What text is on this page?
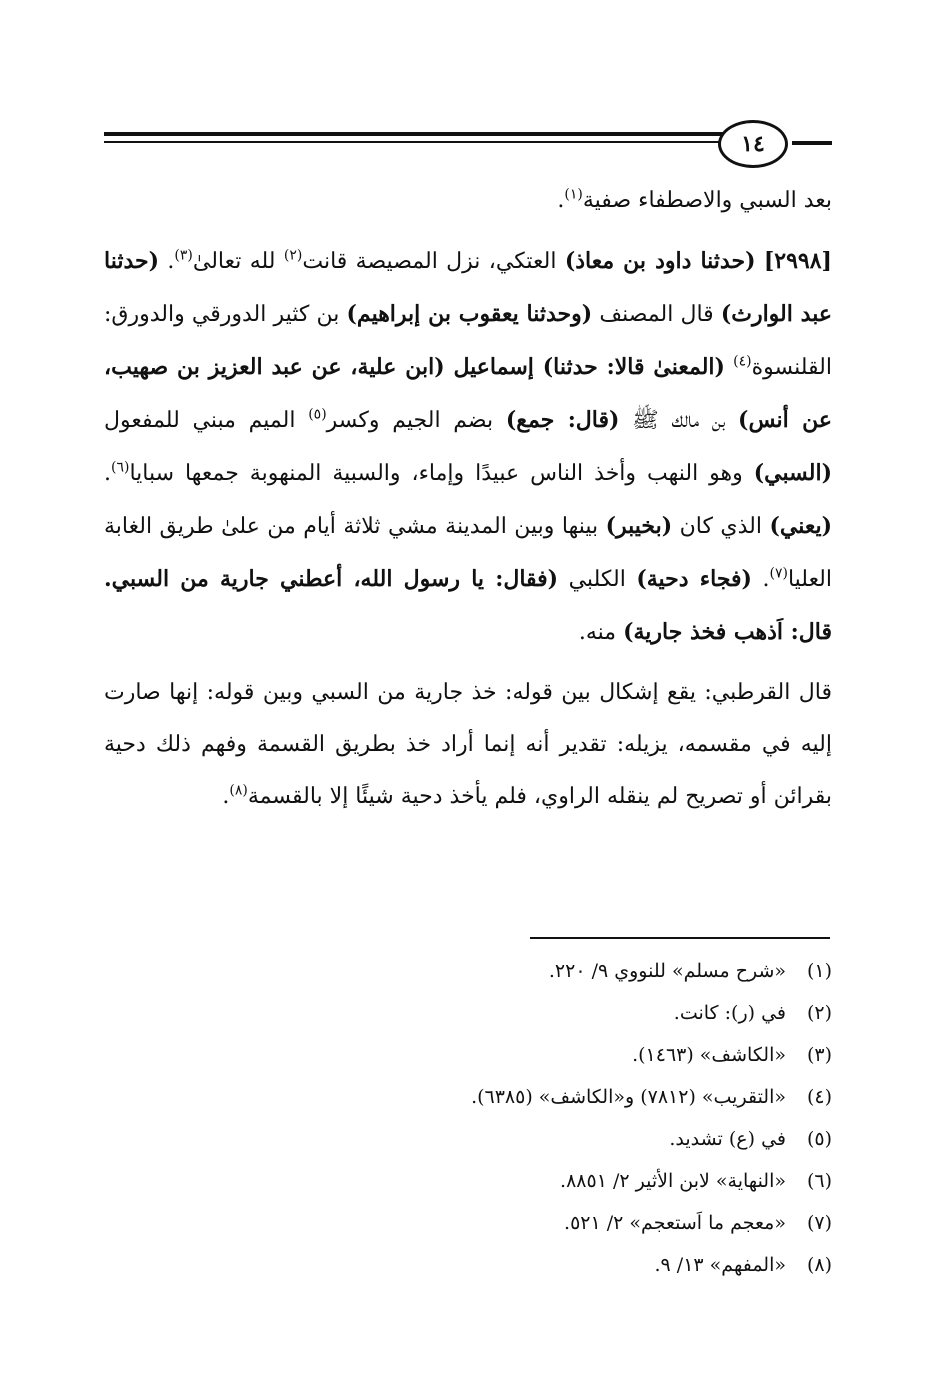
١٤

بعد السبي والاصطفاء صفية$^{(١)}$.

[٢٩٩٨] (حدثنا داود بن معاذ) العتكي، نزل المصيصة قانت$^{(٢)}$ لله تعالىٰ$^{(٣)}$. (حدثنا عبد الوارث) قال المصنف (وحدثنا يعقوب بن إبراهيم) بن كثير الدورقي والدورق: القلنسوة$^{(٤)}$ (المعنىٰ قالا: حدثنا) إسماعيل (ابن علية، عن عبد العزيز بن صهيب، عن أنس) بن مالك ﷺ (قال: جمع) بضم الجيم وكسر$^{(٥)}$ الميم مبني للمفعول (السبي) وهو النهب وأخذ الناس عبيدًا وإماء، والسبية المنهوبة جمعها سبايا$^{(٦)}$. (يعني) الذي كان (بخيبر) بينها وبين المدينة مشي ثلاثة أيام من علىٰ طريق الغابة العليا$^{(٧)}$. (فجاء دحية) الكلبي (فقال: يا رسول الله، أعطني جارية من السبي. قال: اَذهب فخذ جارية) منه.

قال القرطبي: يقع إشكال بين قوله: خذ جارية من السبي وبين قوله: إنها صارت إليه في مقسمه، يزيله: تقدير أنه إنما أراد خذ بطريق القسمة وفهم ذلك دحية بقرائن أو تصريح لم ينقله الراوي، فلم يأخذ دحية شيئًا إلا بالقسمة$^{(٨)}$.

(١)
«شرح مسلم» للنووي ٩/ ٢٢٠.
(٢)
في (ر): كانت.
(٣)
«الكاشف» (١٤٦٣).
(٤)
«التقريب» (٧٨١٢) و«الكاشف» (٦٣٨٥).
(٥)
في (ع) تشديد.
(٦)
«النهاية» لابن الأثير ٢/ ٨٨٥١.
(٧)
«معجم ما اَستعجم» ٢/ ٥٢١.
(٨)
«المفهم» ١٣/ ٩.
